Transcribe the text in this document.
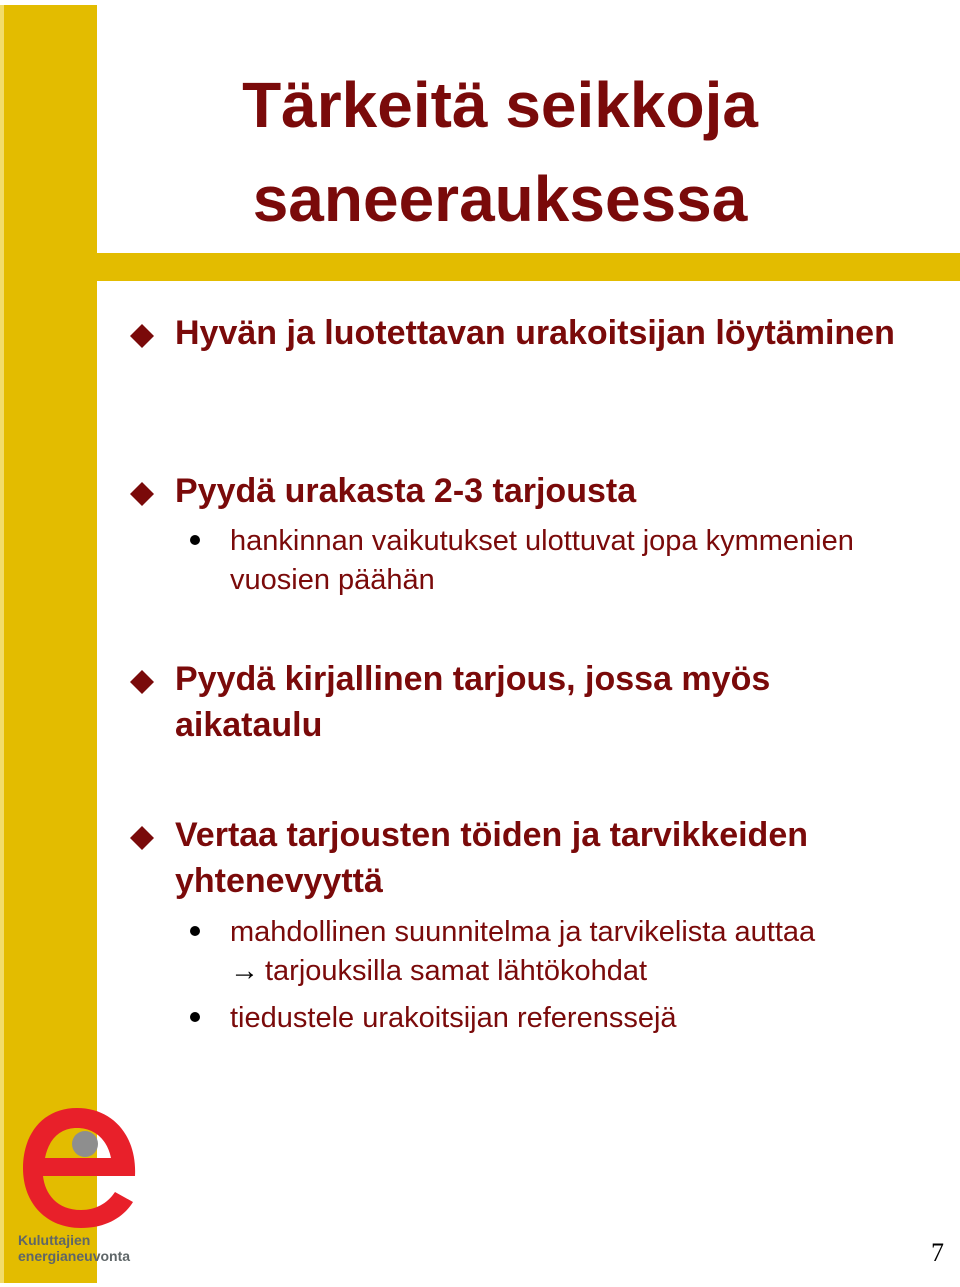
Tärkeitä seikkoja
saneerauksessa
Hyvän ja luotettavan urakoitsijan löytäminen
Pyydä urakasta 2-3 tarjousta
hankinnan vaikutukset ulottuvat jopa kymmenien vuosien päähän
Pyydä kirjallinen tarjous, jossa myös aikataulu
Vertaa tarjousten töiden ja tarvikkeiden yhtenevyyttä
mahdollinen suunnitelma ja tarvikelista auttaa
→ tarjouksilla samat lähtökohdat
tiedustele urakoitsijan referenssejä
Kuluttajien
energianeuvonta	7
